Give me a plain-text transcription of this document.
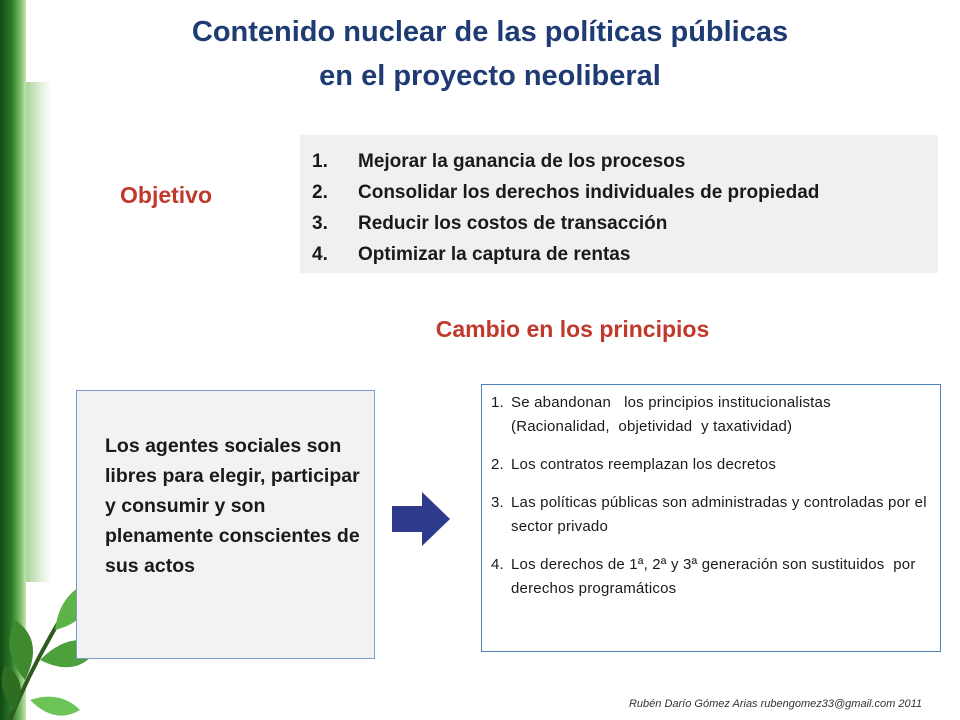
Contenido nuclear de las políticas públicas
en el proyecto neoliberal
Objetivo
1.	Mejorar la ganancia de los procesos
2.	Consolidar los derechos individuales de propiedad
3.	Reducir los costos de transacción
4.	Optimizar la captura de rentas
Cambio en los principios
Los agentes sociales son libres para elegir, participar y consumir y son plenamente conscientes de sus actos
1. Se abandonan   los principios institucionalistas (Racionalidad,  objetividad  y taxatividad)
2. Los contratos reemplazan los decretos
3. Las políticas públicas son administradas y controladas por el sector privado
4. Los derechos de 1ª, 2ª y 3ª generación son sustituidos  por derechos programáticos
Rubén Darío Gómez Arias rubengomez33@gmail.com 2011
